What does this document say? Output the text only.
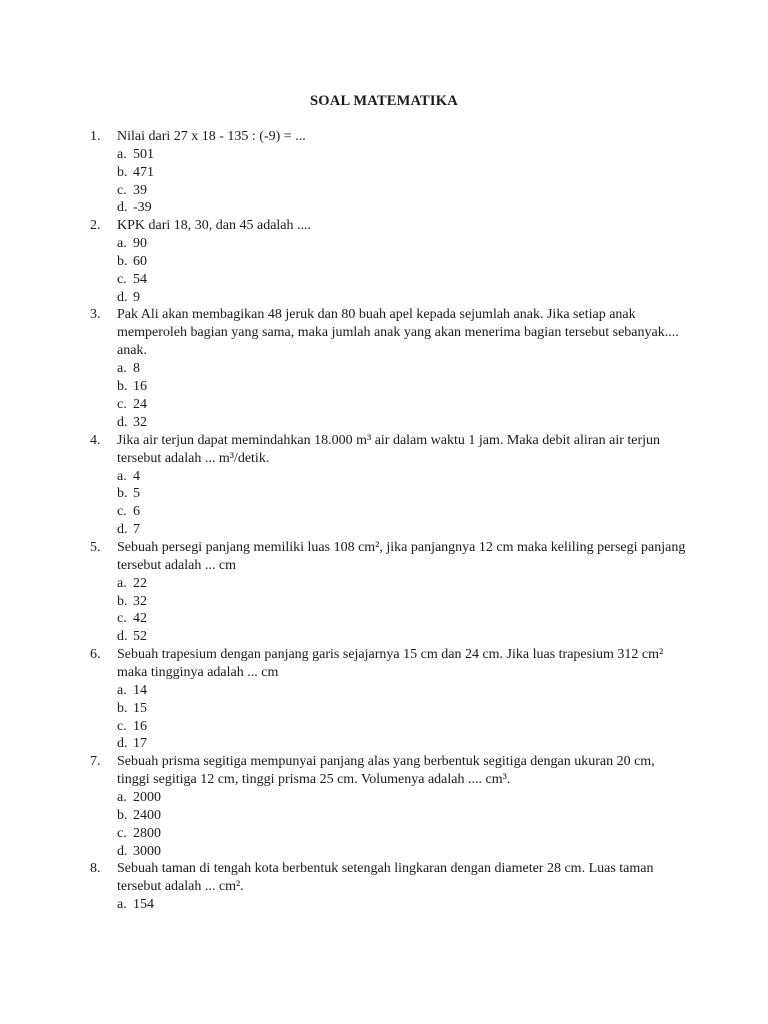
SOAL MATEMATIKA
1. Nilai dari 27 x 18 - 135 : (-9) = ...
a. 501
b. 471
c. 39
d. -39
2. KPK dari 18, 30, dan 45 adalah ....
a. 90
b. 60
c. 54
d. 9
3. Pak Ali akan membagikan 48 jeruk dan 80 buah apel kepada sejumlah anak. Jika setiap anak memperoleh bagian yang sama, maka jumlah anak yang akan menerima bagian tersebut sebanyak.... anak.
a. 8
b. 16
c. 24
d. 32
4. Jika air terjun dapat memindahkan 18.000 m³ air dalam waktu 1 jam. Maka debit aliran air terjun tersebut adalah ... m³/detik.
a. 4
b. 5
c. 6
d. 7
5. Sebuah persegi panjang memiliki luas 108 cm², jika panjangnya 12 cm maka keliling persegi panjang tersebut adalah ... cm
a. 22
b. 32
c. 42
d. 52
6. Sebuah trapesium dengan panjang garis sejajarnya 15 cm dan 24 cm. Jika luas trapesium 312 cm² maka tingginya adalah ... cm
a. 14
b. 15
c. 16
d. 17
7. Sebuah prisma segitiga mempunyai panjang alas yang berbentuk segitiga dengan ukuran 20 cm, tinggi segitiga 12 cm, tinggi prisma 25 cm. Volumenya adalah .... cm³.
a. 2000
b. 2400
c. 2800
d. 3000
8. Sebuah taman di tengah kota berbentuk setengah lingkaran dengan diameter 28 cm. Luas taman tersebut adalah ... cm².
a. 154
